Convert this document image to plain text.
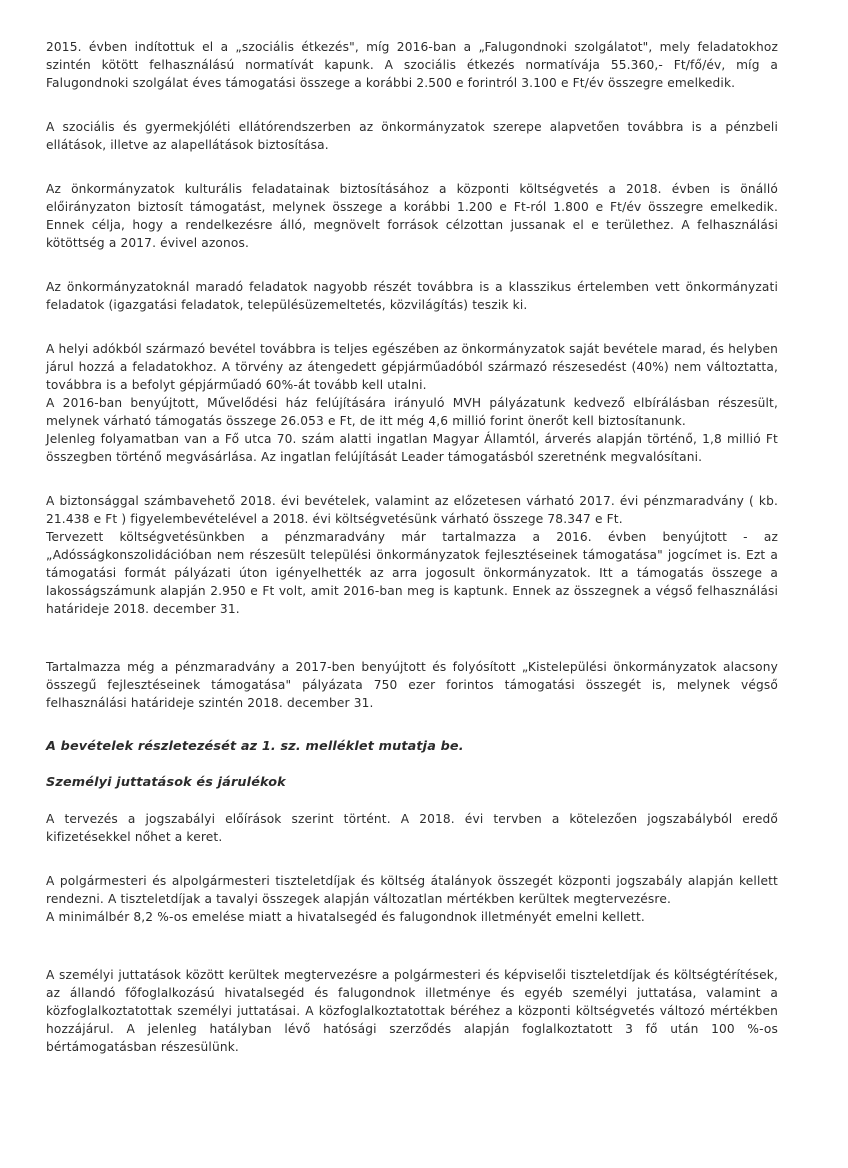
2015. évben indítottuk el a „szociális étkezés", míg 2016-ban a „Falugondnoki szolgálatot", mely feladatokhoz szintén kötött felhasználású normatívát kapunk. A szociális étkezés normatívája 55.360,- Ft/fő/év, míg a Falugondnoki szolgálat éves támogatási összege a korábbi 2.500 e forintról 3.100 e Ft/év összegre emelkedik.

A szociális és gyermekjóléti ellátórendszerben az önkormányzatok szerepe alapvetően továbbra is a pénzbeli ellátások, illetve az alapellátások biztosítása.

Az önkormányzatok kulturális feladatainak biztosításához a központi költségvetés a 2018. évben is önálló előirányzaton biztosít támogatást, melynek összege a korábbi 1.200 e Ft-ról 1.800 e Ft/év összegre emelkedik. Ennek célja, hogy a rendelkezésre álló, megnövelt források célzottan jussanak el e területhez. A felhasználási kötöttség a 2017. évivel azonos.

Az önkormányzatoknál maradó feladatok nagyobb részét továbbra is a klasszikus értelemben vett önkormányzati feladatok (igazgatási feladatok, településüzemeltetés, közvilágítás) teszik ki.

A helyi adókból származó bevétel továbbra is teljes egészében az önkormányzatok saját bevétele marad, és helyben járul hozzá a feladatokhoz. A törvény az átengedett gépjárműadóból származó részesedést (40%) nem változtatta, továbbra is a befolyt gépjárműadó 60%-át tovább kell utalni.

A 2016-ban benyújtott, Művelődési ház felújítására irányuló MVH pályázatunk kedvező elbírálásban részesült, melynek várható támogatás összege 26.053 e Ft, de itt még 4,6 millió forint önerőt kell biztosítanunk.

Jelenleg folyamatban van a Fő utca 70. szám alatti ingatlan Magyar Államtól, árverés alapján történő, 1,8 millió Ft összegben történő megvásárlása. Az ingatlan felújítását Leader támogatásból szeretnénk megvalósítani.

A biztonsággal számbavehető 2018. évi bevételek, valamint az előzetesen várható 2017. évi pénzmaradvány ( kb. 21.438 e Ft ) figyelembevételével a 2018. évi költségvetésünk várható összege 78.347 e Ft.

Tervezett költségvetésünkben a pénzmaradvány már tartalmazza a 2016. évben benyújtott - az „Adósságkonszolidációban nem részesült települési önkormányzatok fejlesztéseinek támogatása" jogcímet is. Ezt a támogatási formát pályázati úton igényelhették az arra jogosult önkormányzatok. Itt a támogatás összege a lakosságszámunk alapján 2.950 e Ft volt, amit 2016-ban meg is kaptunk. Ennek az összegnek a végső felhasználási határideje 2018. december 31.

Tartalmazza még a pénzmaradvány a 2017-ben benyújtott és folyósított „Kistelepülési önkormányzatok alacsony összegű fejlesztéseinek támogatása" pályázata 750 ezer forintos támogatási összegét is, melynek végső felhasználási határideje szintén 2018. december 31.

A bevételek részletezését az 1. sz. melléklet mutatja be.

Személyi juttatások és járulékok

A tervezés a jogszabályi előírások szerint történt. A 2018. évi tervben a kötelezően jogszabályból eredő kifizetésekkel nőhet a keret.

A polgármesteri és alpolgármesteri tiszteletdíjak és költség átalányok összegét központi jogszabály alapján kellett rendezni. A tiszteletdíjak a tavalyi összegek alapján változatlan mértékben kerültek megtervezésre.

A minimálbér 8,2 %-os emelése miatt a hivatalsegéd és falugondnok illetményét emelni kellett.

A személyi juttatások között kerültek megtervezésre a polgármesteri és képviselői tiszteletdíjak és költségtérítések, az állandó főfoglalkozású hivatalsegéd és falugondnok illetménye és egyéb személyi juttatása, valamint a közfoglalkoztatottak személyi juttatásai. A közfoglalkoztatottak béréhez a központi költségvetés változó mértékben hozzájárul. A jelenleg hatályban lévő hatósági szerződés alapján foglalkoztatott 3 fő után 100 %-os bértámogatásban részesülünk.
